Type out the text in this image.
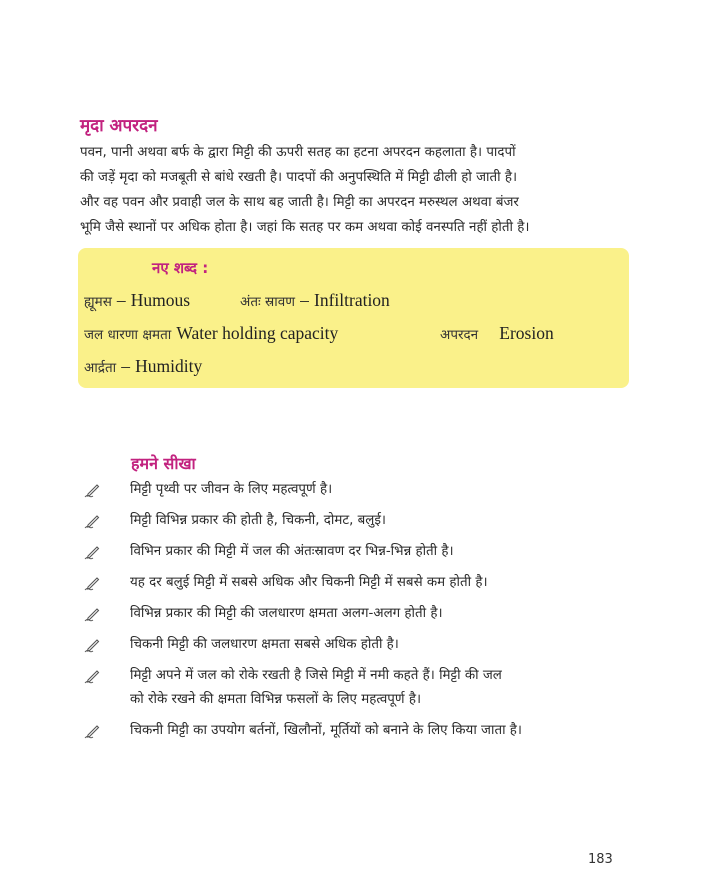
मृदा अपरदन
पवन, पानी अथवा बर्फ के द्वारा मिट्टी की ऊपरी सतह का हटना अपरदन कहलाता है। पादपों
की जड़ें मृदा को मजबूती से बांधे रखती है। पादपों की अनुपस्थिति में मिट्टी ढीली हो जाती है।
और वह पवन और प्रवाही जल के साथ बह जाती है। मिट्टी का अपरदन मरुस्थल अथवा बंजर
भूमि जैसे स्थानों पर अधिक होता है। जहां कि सतह पर कम अथवा कोई वनस्पति नहीं होती है।
नए शब्द :
ह्यूमस – Humous	अंतः स्रावण – Infiltration
जल धारणा क्षमता Water holding capacity	अपरदन Erosion
आर्द्रता – Humidity
हमने सीखा
मिट्टी पृथ्वी पर जीवन के लिए महत्वपूर्ण है।
मिट्टी विभिन्न प्रकार की होती है, चिकनी, दोमट, बलुई।
विभिन प्रकार की मिट्टी में जल की अंतःस्रावण दर भिन्न-भिन्न होती है।
यह दर बलुई मिट्टी में सबसे अधिक और चिकनी मिट्टी में सबसे कम होती है।
विभिन्न प्रकार की मिट्टी की जलधारण क्षमता अलग-अलग होती है।
चिकनी मिट्टी की जलधारण क्षमता सबसे अधिक होती है।
मिट्टी अपने में जल को रोके रखती है जिसे मिट्टी में नमी कहते हैं। मिट्टी की जल
को रोके रखने की क्षमता विभिन्न फसलों के लिए महत्वपूर्ण है।
चिकनी मिट्टी का उपयोग बर्तनों, खिलौनों, मूर्तियों को बनाने के लिए किया जाता है।
183
